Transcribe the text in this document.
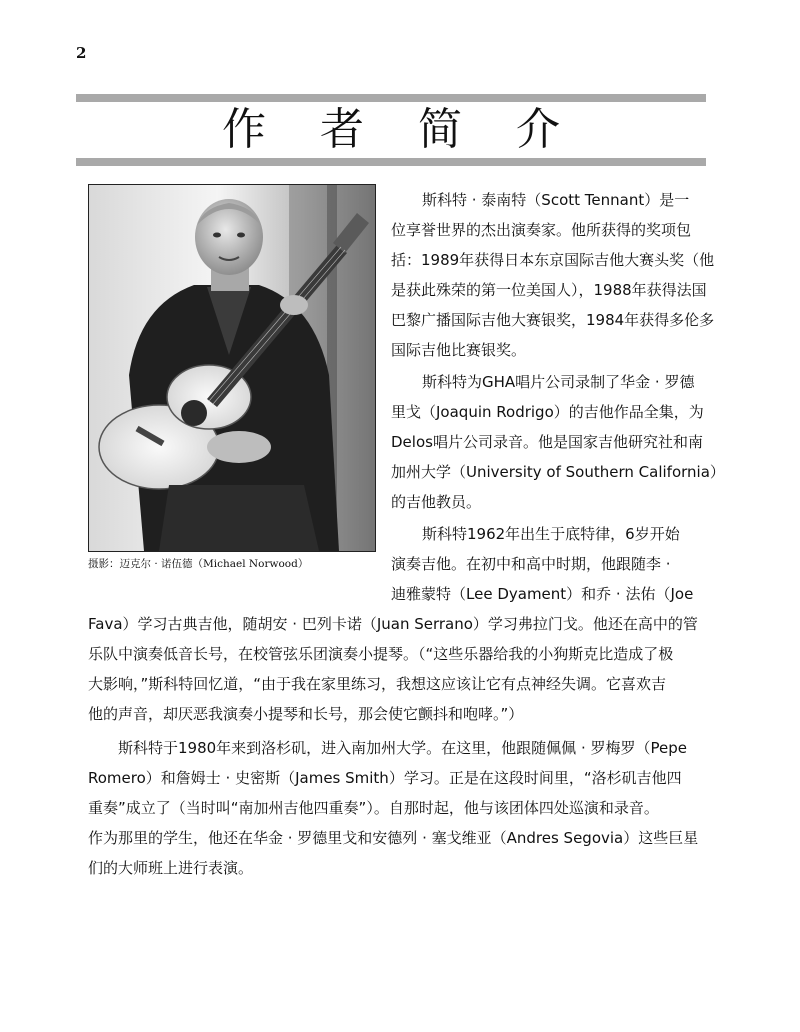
2
作 者 简 介
摄影：迈克尔 · 诺伍德（Michael Norwood）
斯科特 · 泰南特（Scott Tennant）是一
位享誉世界的杰出演奏家。他所获得的奖项包
括：1989年获得日本东京国际吉他大赛头奖（他
是获此殊荣的第一位美国人），1988年获得法国
巴黎广播国际吉他大赛银奖，1984年获得多伦多
国际吉他比赛银奖。
斯科特为GHA唱片公司录制了华金 · 罗德
里戈（Joaquin Rodrigo）的吉他作品全集，为
Delos唱片公司录音。他是国家吉他研究社和南
加州大学（University of Southern California）
的吉他教员。
斯科特1962年出生于底特律，6岁开始
演奏吉他。在初中和高中时期，他跟随李 ·
迪雅蒙特（Lee Dyament）和乔 · 法佑（Joe
Fava）学习古典吉他，随胡安 · 巴列卡诺（Juan Serrano）学习弗拉门戈。他还在高中的管
乐队中演奏低音长号，在校管弦乐团演奏小提琴。（“这些乐器给我的小狗斯克比造成了极
大影响，”斯科特回忆道，“由于我在家里练习，我想这应该让它有点神经失调。它喜欢吉
他的声音，却厌恶我演奏小提琴和长号，那会使它颤抖和咆哮。”）
斯科特于1980年来到洛杉矶，进入南加州大学。在这里，他跟随佩佩 · 罗梅罗（Pepe
Romero）和詹姆士 · 史密斯（James Smith）学习。正是在这段时间里，“洛杉矶吉他四
重奏”成立了（当时叫“南加州吉他四重奏”）。自那时起，他与该团体四处巡演和录音。
作为那里的学生，他还在华金 · 罗德里戈和安德列 · 塞戈维亚（Andres Segovia）这些巨星
们的大师班上进行表演。
